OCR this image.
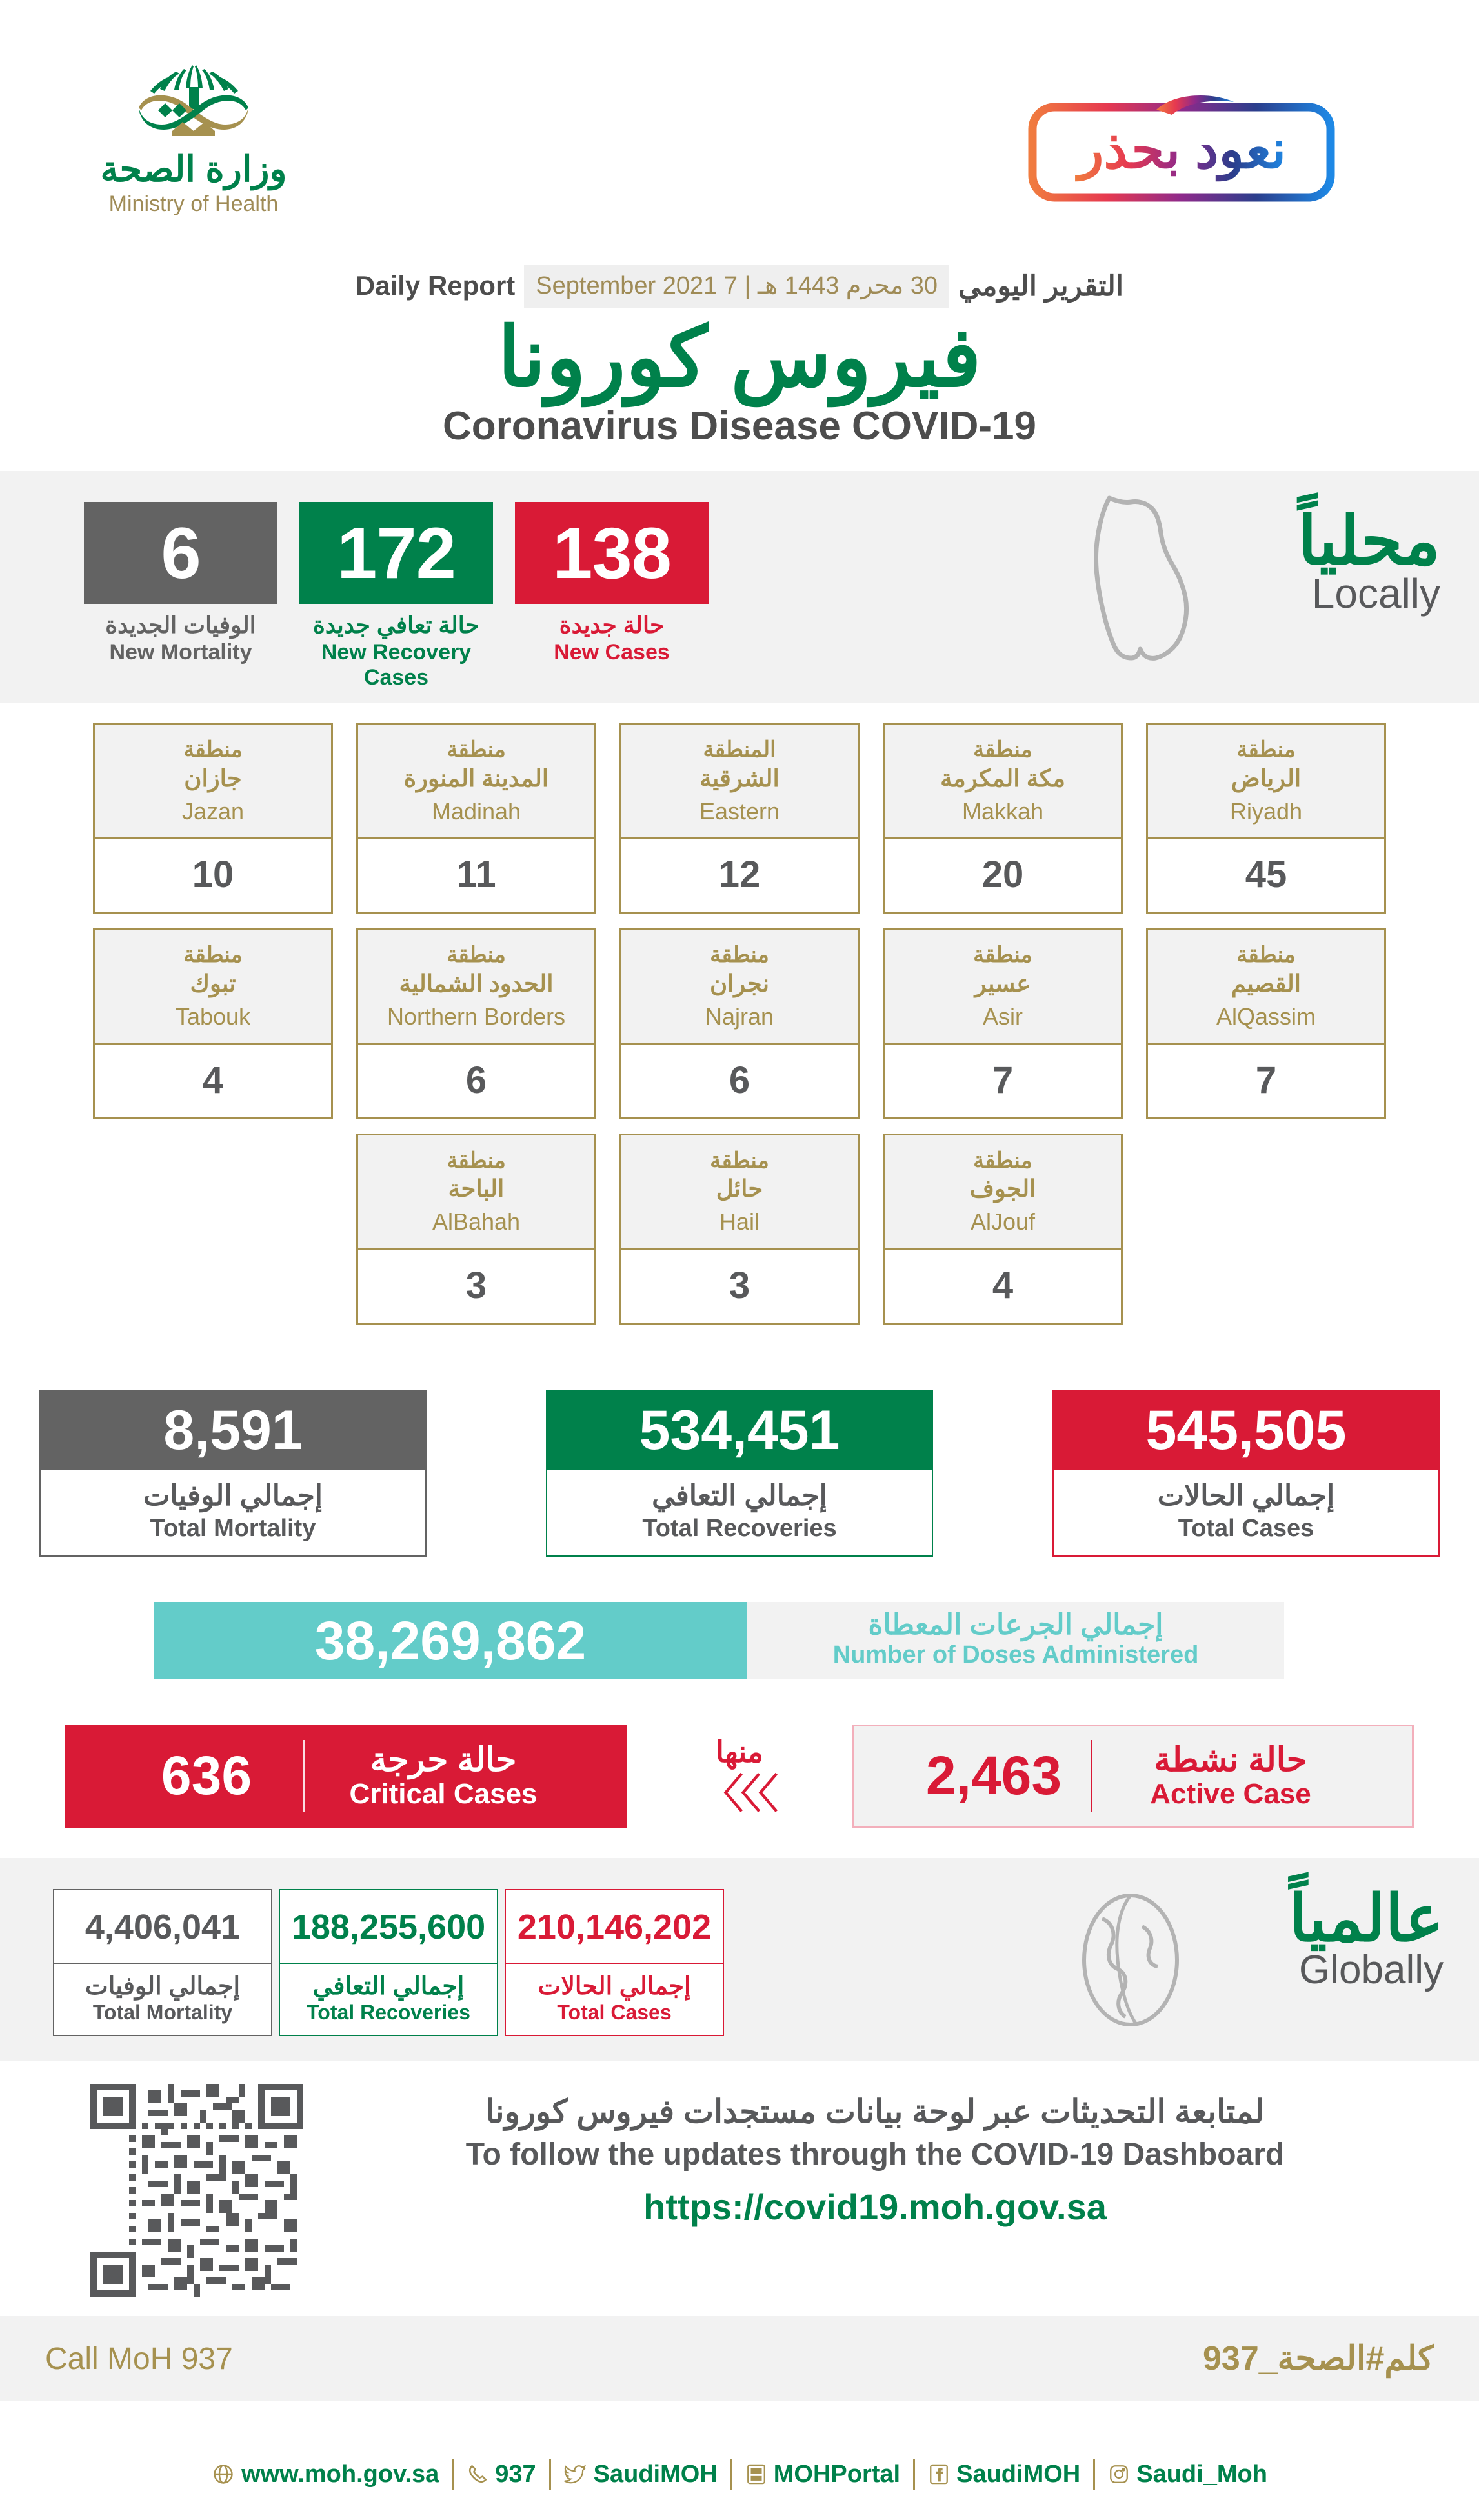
وزارة الصحة
Ministry of Health
نعود بحذر
التقرير اليومي
30 محرم 1443 هـ | 7 September 2021
Daily Report
فيروس كورونا
Coronavirus Disease COVID-19
محلياً
Locally
6
الوفيات الجديدة
New Mortality
172
حالة تعافي جديدة
New Recovery Cases
138
حالة جديدة
New Cases
منطقة
جازان
Jazan
10
منطقة
المدينة المنورة
Madinah
11
المنطقة
الشرقية
Eastern
12
منطقة
مكة المكرمة
Makkah
20
منطقة
الرياض
Riyadh
45
منطقة
تبوك
Tabouk
4
منطقة
الحدود الشمالية
Northern Borders
6
منطقة
نجران
Najran
6
منطقة
عسير
Asir
7
منطقة
القصيم
AlQassim
7
منطقة
الباحة
AlBahah
3
منطقة
حائل
Hail
3
منطقة
الجوف
AlJouf
4
8,591
إجمالي الوفيات
Total Mortality
534,451
إجمالي التعافي
Total Recoveries
545,505
إجمالي الحالات
Total Cases
38,269,862	إجمالي الجرعات المعطاة
Number of Doses Administered
636	حالة حرجة
Critical Cases
منها
〈〈〈	2,463	حالة نشطة
Active Case
عالمياً
Globally
4,406,041
إجمالي الوفيات
Total Mortality
188,255,600
إجمالي التعافي
Total Recoveries
210,146,202
إجمالي الحالات
Total Cases
لمتابعة التحديثات عبر لوحة بيانات مستجدات فيروس كورونا
To follow the updates through the COVID-19 Dashboard
https://covid19.moh.gov.sa
Call MoH 937	كلم#الصحة_937
www.moh.gov.sa 937 SaudiMOH MOHPortal SaudiMOH Saudi_Moh
